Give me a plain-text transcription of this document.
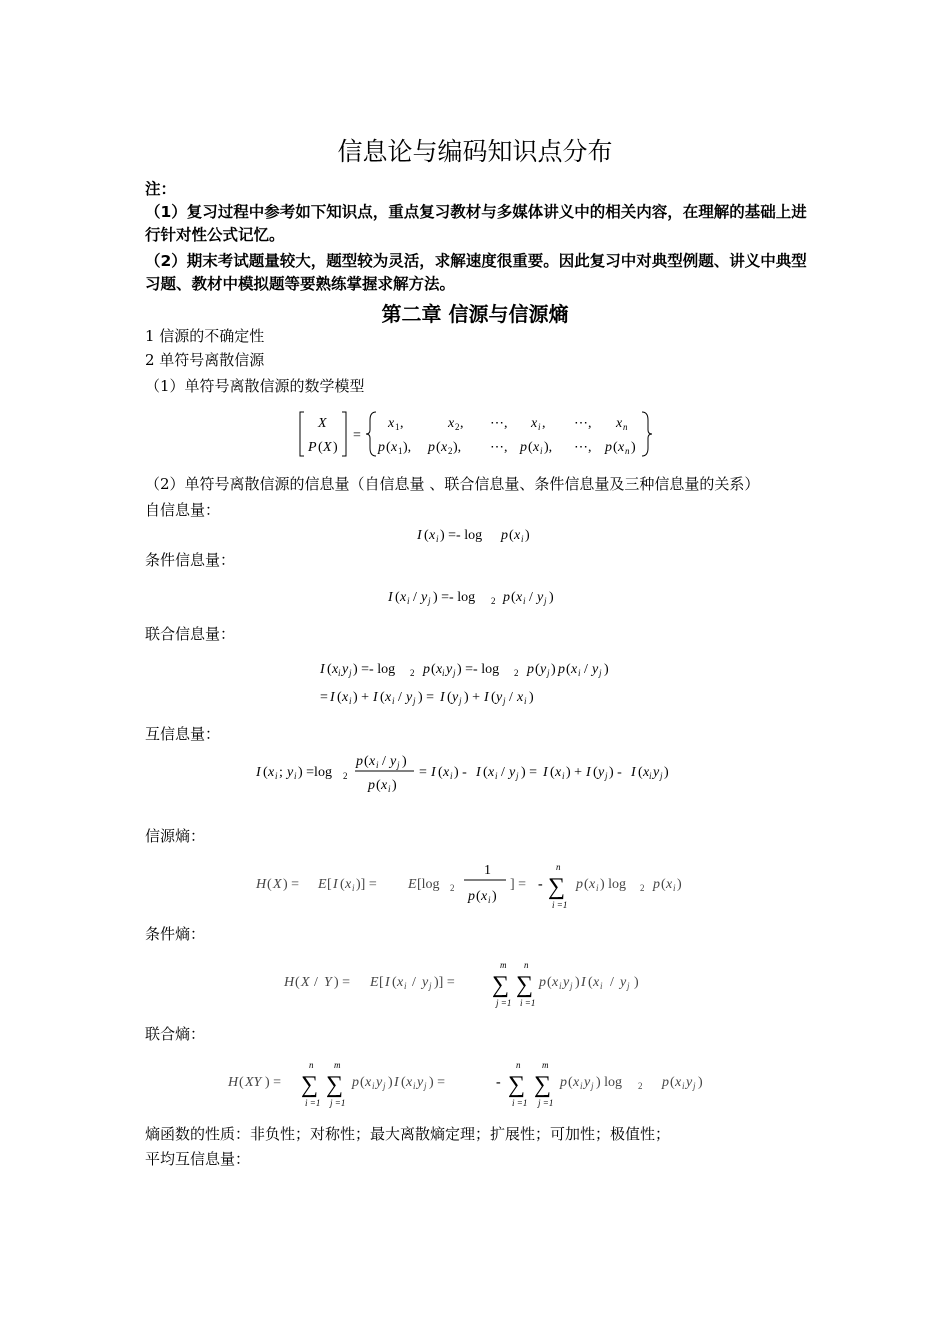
信息论与编码知识点分布
注：
（1）复习过程中参考如下知识点，重点复习教材与多媒体讲义中的相关内容，在理解的基础上进行针对性公式记忆。
（2）期末考试题量较大，题型较为灵活，求解速度很重要。因此复习中对典型例题、讲义中典型习题、教材中模拟题等要熟练掌握求解方法。
第二章 信源与信源熵
1 信源的不确定性
2 单符号离散信源
（1）单符号离散信源的数学模型
X
P ( X )
=
x 1 ,	x 2 , ⋯, x i , ⋯, x n
p ( x 1 ), p ( x 2 ), ⋯, p ( x i ), ⋯, p ( x n )
（2）单符号离散信源的信息量（自信息量 、联合信息量、条件信息量及三种信息量的关系）
自信息量：
I ( x i ) =- log p ( x i )
条件信息量：
I ( x i / y j ) =- log 2 p ( x i / y j )
联合信息量：
I ( x i y j ) =- log 2 p ( x i y j ) =- log 2 p ( y j ) p ( x i / y j )
= I ( x i ) + I ( x i / y j ) = I ( y j ) + I ( y j / x i )
互信息量：
I ( x i ; y i ) =log 2
p ( x i / y j )
p ( x i )
= I ( x i ) - I ( x i / y j ) = I ( x i ) + I ( y j ) - I ( x i y j )
信源熵：
H ( X ) = E [ I ( x i )] = E [log 2
1
p ( x i )
] = - ∑
n
i =1
p ( x i ) log 2 p ( x i )
条件熵：
H ( X / Y ) = E [ I ( x i / y j )] = ∑
m
j =1
∑
n
i =1
p ( x i y j ) I ( x i / y j )
联合熵：
H ( XY ) = ∑
n
i =1
∑
m
j =1
p ( x i y j ) I ( x i y j ) =	- ∑
n
i =1
∑
m
j =1
p ( x i y j ) log 2 p ( x i y j )
熵函数的性质：非负性；对称性；最大离散熵定理；扩展性；可加性；极值性；
平均互信息量：
